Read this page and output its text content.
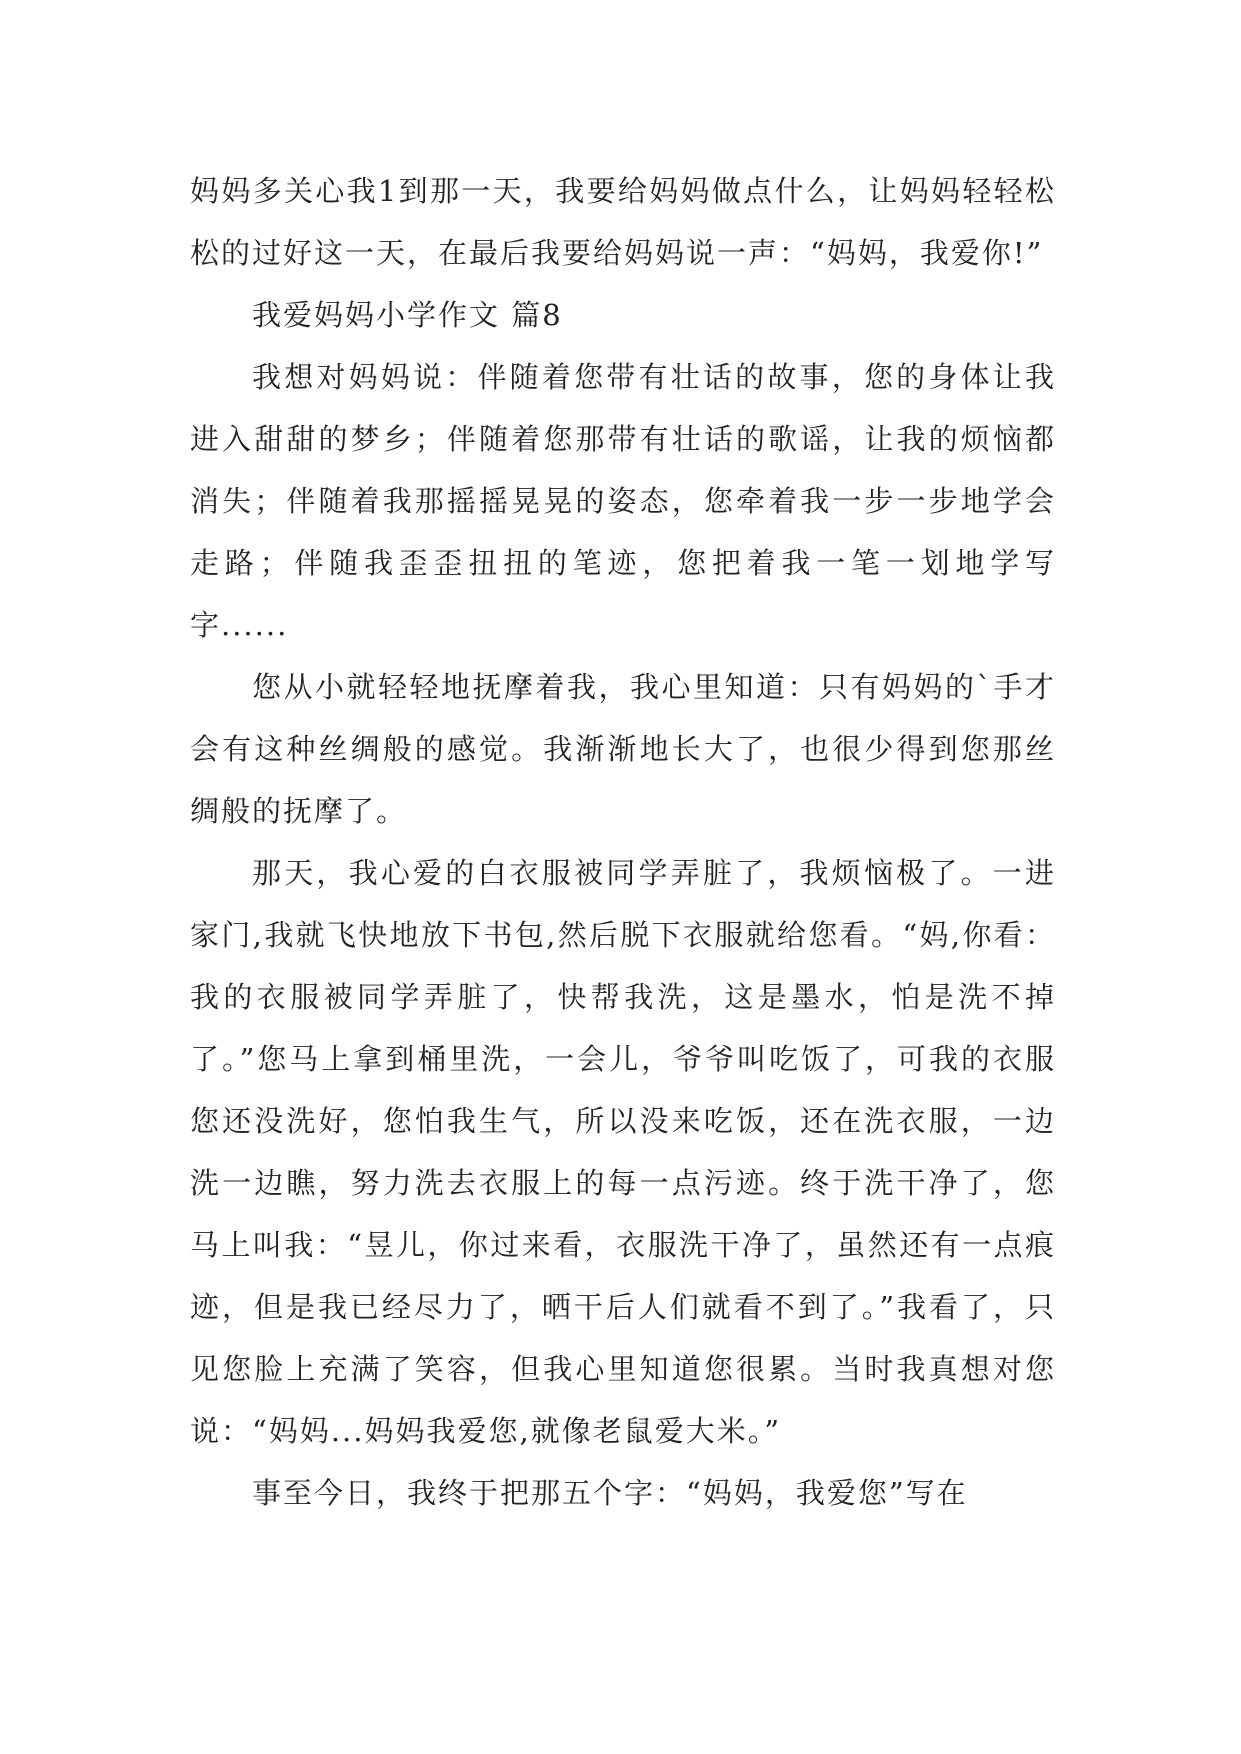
妈妈多关心我1到那一天，我要给妈妈做点什么，让妈妈轻轻松松的过好这一天，在最后我要给妈妈说一声：“妈妈，我爱你!”

我爱妈妈小学作文 篇8

我想对妈妈说：伴随着您带有壮话的故事，您的身体让我进入甜甜的梦乡；伴随着您那带有壮话的歌谣，让我的烦恼都消失；伴随着我那摇摇晃晃的姿态，您牵着我一步一步地学会走路；伴随我歪歪扭扭的笔迹，您把着我一笔一划地学写字......

您从小就轻轻地抚摩着我，我心里知道：只有妈妈的`手才会有这种丝绸般的感觉。我渐渐地长大了，也很少得到您那丝绸般的抚摩了。

那天，我心爱的白衣服被同学弄脏了，我烦恼极了。一进家门,我就飞快地放下书包,然后脱下衣服就给您看。“妈,你看：我的衣服被同学弄脏了，快帮我洗，这是墨水，怕是洗不掉了。”您马上拿到桶里洗，一会儿，爷爷叫吃饭了，可我的衣服您还没洗好，您怕我生气，所以没来吃饭，还在洗衣服，一边洗一边瞧，努力洗去衣服上的每一点污迹。终于洗干净了，您马上叫我：“昱儿，你过来看，衣服洗干净了，虽然还有一点痕迹，但是我已经尽力了，晒干后人们就看不到了。”我看了，只见您脸上充满了笑容，但我心里知道您很累。当时我真想对您说：“妈妈...妈妈我爱您,就像老鼠爱大米。”

事至今日，我终于把那五个字：“妈妈，我爱您”写在
